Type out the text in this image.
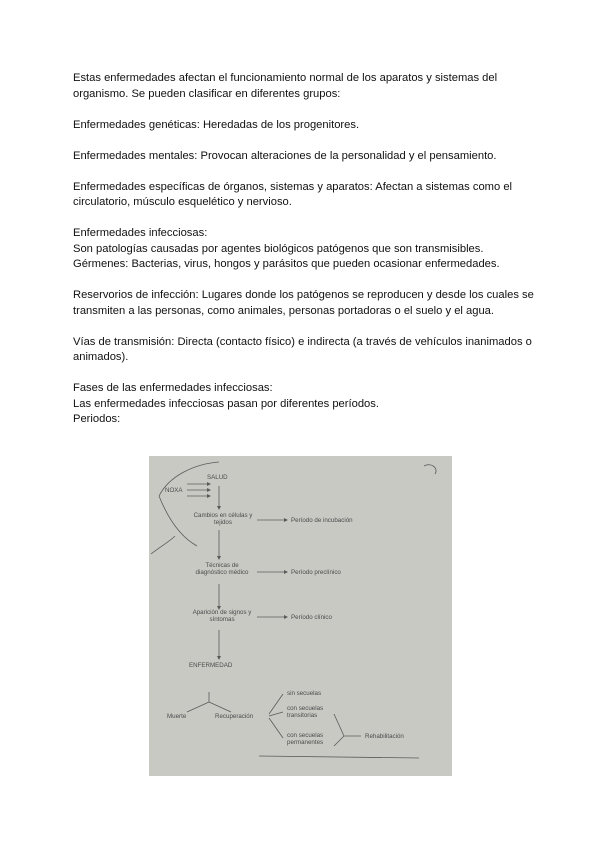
Estas enfermedades afectan el funcionamiento normal de los aparatos y sistemas del organismo. Se pueden clasificar en diferentes grupos:

Enfermedades genéticas: Heredadas de los progenitores.

Enfermedades mentales: Provocan alteraciones de la personalidad y el pensamiento.

Enfermedades específicas de órganos, sistemas y aparatos: Afectan a sistemas como el circulatorio, músculo esquelético y nervioso.

Enfermedades infecciosas:

Son patologías causadas por agentes biológicos patógenos que son transmisibles.

Gérmenes: Bacterias, virus, hongos y parásitos que pueden ocasionar enfermedades.

Reservorios de infección: Lugares donde los patógenos se reproducen y desde los cuales se transmiten a las personas, como animales, personas portadoras o el suelo y el agua.

Vías de transmisión: Directa (contacto físico) e indirecta (a través de vehículos inanimados o animados).

Fases de las enfermedades infecciosas:

Las enfermedades infecciosas pasan por diferentes períodos.

Periodos:

SALUD
NOXA
Cambios en células y tejidos	Período de incubación
Técnicas de diagnóstico médico	Período preclínico
Aparición de signos y síntomas	Período clínico
ENFERMEDAD
Muerte	Recuperación
sin secuelas
con secuelas transitorias
con secuelas permanentes
Rehabilitación
